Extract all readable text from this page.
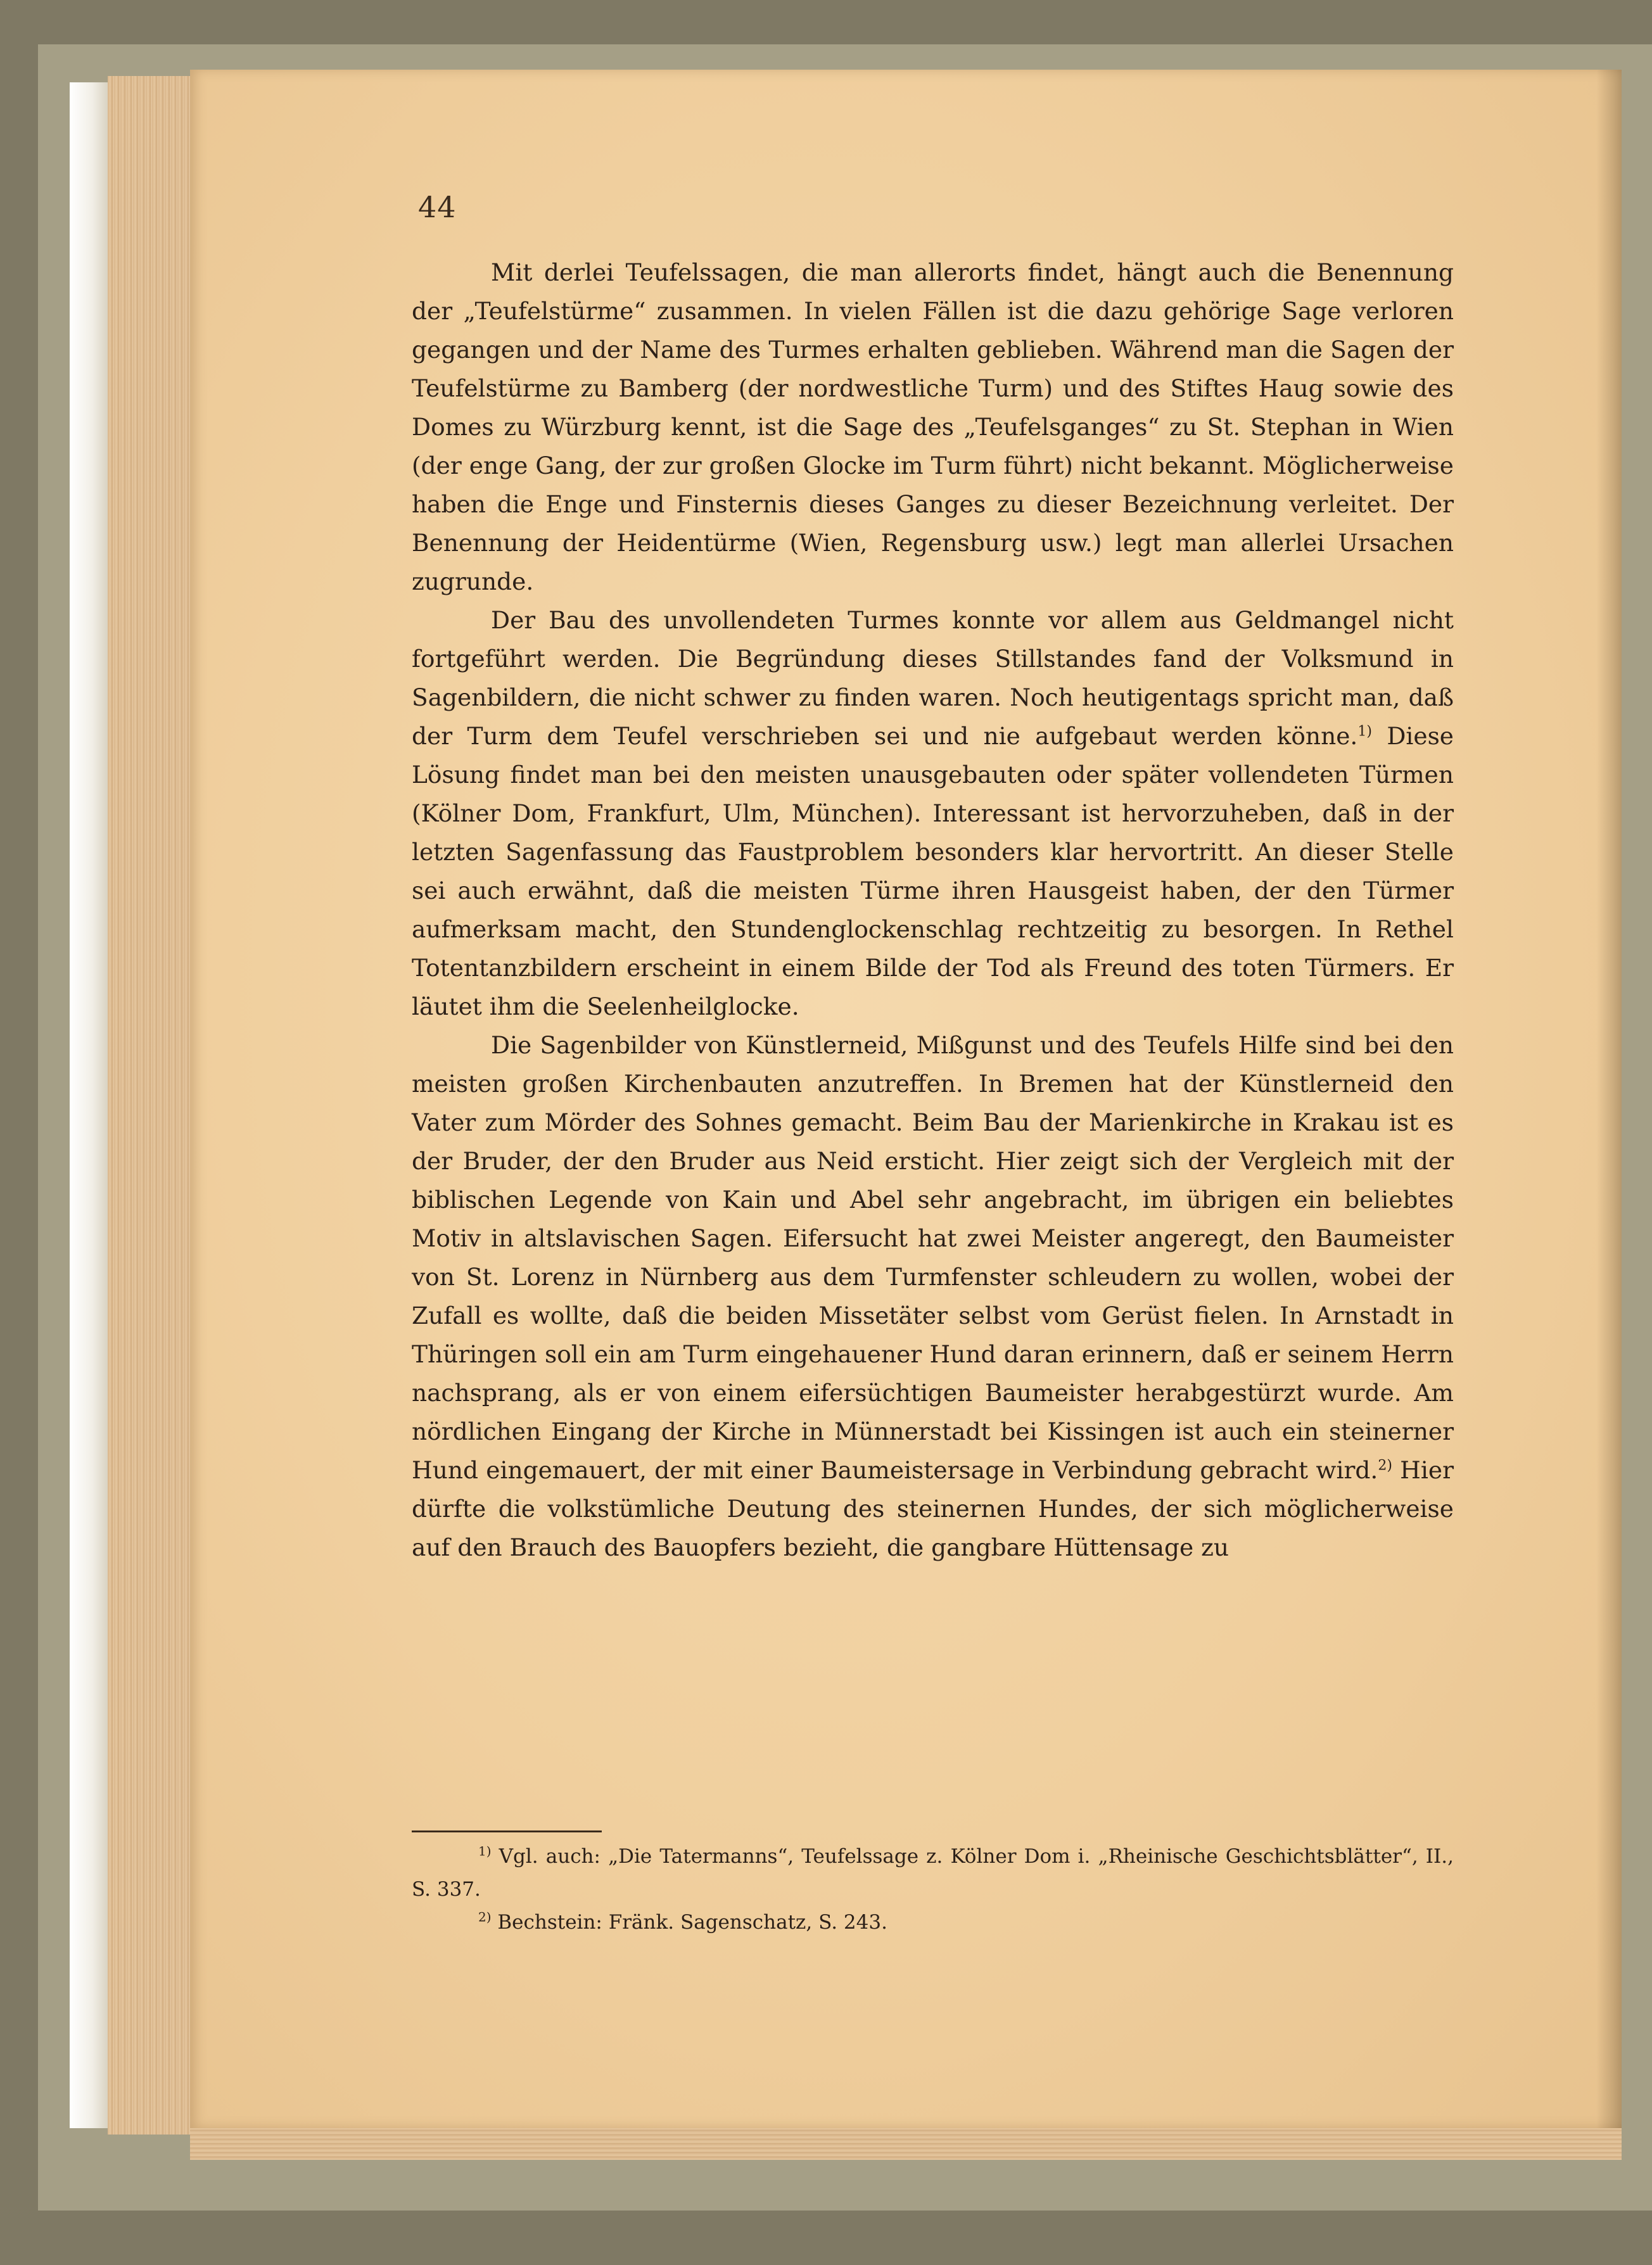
44

Mit derlei Teufelssagen, die man allerorts findet, hängt auch die Benennung der „Teufelstürme“ zusammen. In vielen Fällen ist die dazu gehörige Sage verloren gegangen und der Name des Turmes erhalten geblieben. Während man die Sagen der Teufelstürme zu Bamberg (der nordwestliche Turm) und des Stiftes Haug sowie des Domes zu Würzburg kennt, ist die Sage des „Teufelsganges“ zu St. Stephan in Wien (der enge Gang, der zur großen Glocke im Turm führt) nicht bekannt. Möglicherweise haben die Enge und Finsternis dieses Ganges zu dieser Bezeichnung verleitet. Der Benennung der Heidentürme (Wien, Regensburg usw.) legt man allerlei Ursachen zugrunde.

Der Bau des unvollendeten Turmes konnte vor allem aus Geldmangel nicht fortgeführt werden. Die Begründung dieses Stillstandes fand der Volksmund in Sagenbildern, die nicht schwer zu finden waren. Noch heutigentags spricht man, daß der Turm dem Teufel verschrieben sei und nie aufgebaut werden könne.$^{1)}$ Diese Lösung findet man bei den meisten unausgebauten oder später vollendeten Türmen (Kölner Dom, Frankfurt, Ulm, München). Interessant ist hervorzuheben, daß in der letzten Sagenfassung das Faustproblem besonders klar hervortritt. An dieser Stelle sei auch erwähnt, daß die meisten Türme ihren Hausgeist haben, der den Türmer aufmerksam macht, den Stundenglockenschlag rechtzeitig zu besorgen. In Rethel Totentanzbildern erscheint in einem Bilde der Tod als Freund des toten Türmers. Er läutet ihm die Seelenheilglocke.

Die Sagenbilder von Künstlerneid, Mißgunst und des Teufels Hilfe sind bei den meisten großen Kirchenbauten anzutreffen. In Bremen hat der Künstlerneid den Vater zum Mörder des Sohnes gemacht. Beim Bau der Marienkirche in Krakau ist es der Bruder, der den Bruder aus Neid ersticht. Hier zeigt sich der Vergleich mit der biblischen Legende von Kain und Abel sehr angebracht, im übrigen ein beliebtes Motiv in altslavischen Sagen. Eifersucht hat zwei Meister angeregt, den Baumeister von St. Lorenz in Nürnberg aus dem Turmfenster schleudern zu wollen, wobei der Zufall es wollte, daß die beiden Missetäter selbst vom Gerüst fielen. In Arnstadt in Thüringen soll ein am Turm eingehauener Hund daran erinnern, daß er seinem Herrn nachsprang, als er von einem eifersüchtigen Baumeister herabgestürzt wurde. Am nördlichen Eingang der Kirche in Münnerstadt bei Kissingen ist auch ein steinerner Hund eingemauert, der mit einer Baumeistersage in Verbindung gebracht wird.$^{2)}$ Hier dürfte die volkstümliche Deutung des steinernen Hundes, der sich möglicherweise auf den Brauch des Bauopfers bezieht, die gangbare Hüttensage zu

$^{1)}$ Vgl. auch: „Die Tatermanns“, Teufelssage z. Kölner Dom i. „Rheinische Geschichtsblätter“, II., S. 337.

$^{2)}$ Bechstein: Fränk. Sagenschatz, S. 243.
